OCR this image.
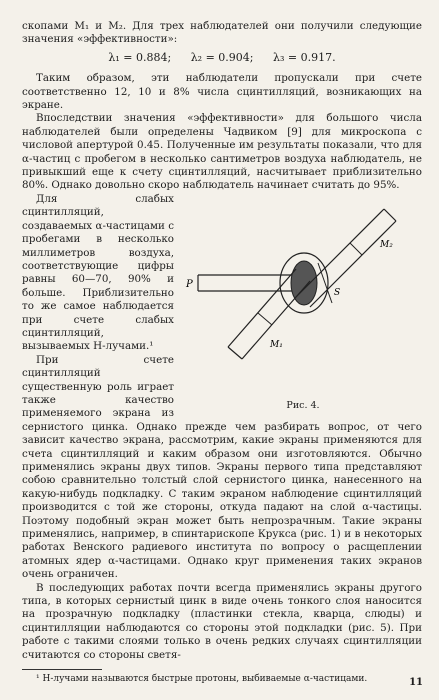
скопами M₁ и M₂. Для трех наблюдателей они получили следующие значения «эффективности»:

λ₁ = 0.884; λ₂ = 0.904; λ₃ = 0.917.

Таким образом, эти наблюдатели пропускали при счете соответственно 12, 10 и 8% числа сцинтилляций, возникающих на экране.

Впоследствии значения «эффективности» для большого числа наблюдателей были определены Чадвиком [9] для микроскопа с числовой апертурой 0.45. Полученные им результаты показали, что для α-частиц с пробегом в несколько сантиметров воздуха наблюдатель, не привыкший еще к счету сцинтилляций, насчитывает приблизительно 80%. Однако довольно скоро наблюдатель начинает считать до 95%.

P
M₂
M₁
S
Рис. 4.

Для слабых сцинтилляций, создаваемых α-частицами с пробегами в несколько миллиметров воздуха, соответствующие цифры равны 60—70, 90% и больше. Приблизительно то же самое наблюдается при счете слабых сцинтилляций, вызываемых H-лучами.¹

При счете сцинтилляций существенную роль играет также качество применяемого экрана из сернистого цинка. Однако прежде чем разбирать вопрос, от чего зависит качество экрана, рассмотрим, какие экраны применяются для счета сцинтилляций и каким образом они изготовляются. Обычно применялись экраны двух типов. Экраны первого типа представляют собою сравнительно толстый слой сернистого цинка, нанесенного на какую-нибудь подкладку. С таким экраном наблюдение сцинтилляций производится с той же стороны, откуда падают на слой α-частицы. Поэтому подобный экран может быть непрозрачным. Такие экраны применялись, например, в спинтарископе Крукса (рис. 1) и в некоторых работах Венского радиевого института по вопросу о расщеплении атомных ядер α-частицами. Однако круг применения таких экранов очень ограничен.

В последующих работах почти всегда применялись экраны другого типа, в которых сернистый цинк в виде очень тонкого слоя наносится на прозрачную подкладку (пластинки стекла, кварца, слюды) и сцинтилляции наблюдаются со стороны этой подкладки (рис. 5). При работе с такими слоями только в очень редких случаях сцинтилляции считаются со стороны светя-

¹ H-лучами называются быстрые протоны, выбиваемые α-частицами.	11
